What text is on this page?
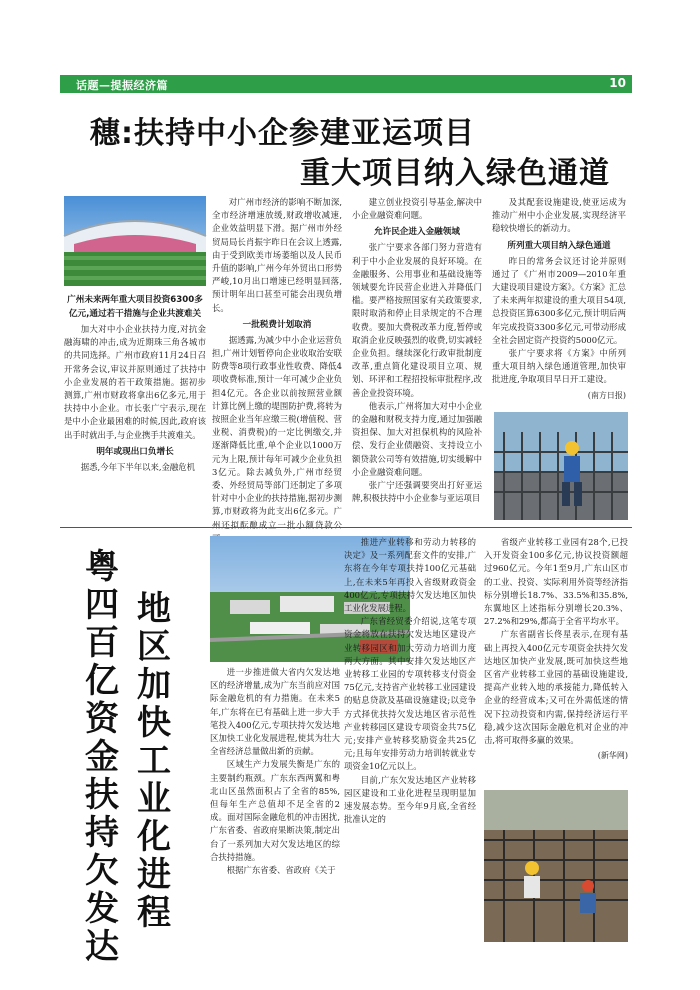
话题—提振经济篇	10
穗:扶持中小企参建亚运项目
重大项目纳入绿色通道
广州未来两年重大项目投资6300多亿元,通过若干措施与企业共渡难关

加大对中小企业扶持力度,对抗金融海啸的冲击,成为近期珠三角各城市的共同选择。广州市政府11月24日召开常务会议,审议并原则通过了扶持中小企业发展的若干政策措施。据初步测算,广州市财政将拿出6亿多元,用于扶持中小企业。市长张广宁表示,现在是中小企业最困难的时候,因此,政府该出手时就出手,与企业携手共渡难关。

明年或现出口负增长

据悉,今年下半年以来,金融危机

对广州市经济的影响不断加深,全市经济增速放缓,财政增收减速,企业效益明显下滑。据广州市外经贸局局长肖振宇昨日在会议上透露,由于受到欧美市场萎缩以及人民币升值的影响,广州今年外贸出口形势严峻,10月出口增速已经明显回落,预计明年出口甚至可能会出现负增长。

一批税费计划取消

据透露,为减少中小企业运营负担,广州计划暂停向企业收取治安联防费等8项行政事业性收费、降低4项收费标准,预计一年可减少企业负担4亿元。各企业以前按照营业额计算比例上缴的堤围防护费,将转为按照企业当年应缴三税(增值税、营业税、消费税)的一定比例缴交,并逐渐降低比重,单个企业以1000万元为上限,预计每年可减少企业负担3亿元。除去减负外,广州市经贸委、外经贸局等部门还制定了多项针对中小企业的扶持措施,据初步测算,市财政将为此支出6亿多元。广州还拟酝酿成立一批小额贷款公

建立创业投资引导基金,解决中小企业融资难问题。

允许民企进入金融领域

张广宁要求各部门努力营造有利于中小企业发展的良好环境。在金融服务、公用事业和基础设施等领域要允许民营企业进入并降低门槛。要严格按照国家有关政策要求,限时取消和停止目录规定的不合理收费。要加大费税改革力度,暂停或取消企业反映强烈的收费,切实减轻企业负担。继续深化行政审批制度改革,重点简化建设项目立项、规划、环评和工程招投标审批程序,改善企业投资环境。

他表示,广州将加大对中小企业的金融和财税支持力度,通过加强融资担保、加大对担保机构的风险补偿、发行企业债融资、支持设立小额贷款公司等有效措施,切实缓解中小企业融资难问题。

张广宁还强调要突出打好亚运牌,积极扶持中小企业参与亚运项目

及其配套设施建设,使亚运成为推动广州中小企业发展,实现经济平稳较快增长的新动力。

所列重大项目纳入绿色通道

昨日的常务会议还讨论并原则通过了《广州市2009—2010年重大建设项目建设方案》。《方案》汇总了未来两年拟建设的重大项目54项,总投资匡算6300多亿元,预计明后两年完成投资3300多亿元,可带动形成全社会固定资产投资约5000亿元。

张广宁要求将《方案》中所列重大项目纳入绿色通道管理,加快审批进度,争取项目早日开工建设。

(南方日报)
粤四百亿资金扶持欠发达
地区加快工业化进程

进一步推进做大省内欠发达地区的经济增量,成为广东当前应对国际金融危机的有力措施。在未来5年,广东将在已有基础上进一步大手笔投入400亿元,专项扶持欠发达地区加快工业化发展进程,使其为壮大全省经济总量做出新的贡献。

区域生产力发展失衡是广东的主要制约瓶颈。广东东西两翼和粤北山区虽然面积占了全省的85%,但每年生产总值却不足全省的2成。面对国际金融危机的冲击困扰,广东省委、省政府果断决策,制定出台了一系列加大对欠发达地区的综合扶持措施。

根据广东省委、省政府《关于

推进产业转移和劳动力转移的决定》及一系列配套文件的安排,广东将在今年专项扶持100亿元基础上,在未来5年再投入省级财政资金400亿元,专项扶持欠发达地区加快工业化发展进程。

广东省经贸委介绍说,这笔专项资金将放在扶持欠发达地区建设产业转移园区和加大劳动力培训力度两大方面。其中安排欠发达地区产业转移工业园的专项转移支付资金75亿元,支持省产业转移工业园建设的贴息贷款及基础设施建设;以竞争方式择优扶持欠发达地区省示范性产业转移园区建设专项资金共75亿元;安排产业转移奖励资金共25亿元;且每年安排劳动力培训转就业专项资金10亿元以上。

目前,广东欠发达地区产业转移园区建设和工业化进程呈现明显加速发展态势。至今年9月底,全省经批准认定的

省级产业转移工业园有28个,已投入开发资金100多亿元,协议投资额超过960亿元。今年1至9月,广东山区市的工业、投资、实际利用外资等经济指标分别增长18.7%、33.5%和35.8%,东翼地区上述指标分别增长20.3%、27.2%和29%,都高于全省平均水平。

广东省副省长佟星表示,在现有基础上再投入400亿元专项资金扶持欠发达地区加快产业发展,既可加快这些地区省产业转移工业园的基础设施建设,提高产业转入地的承接能力,降低转入企业的经营成本;又可在外需低迷的情况下拉动投资和内需,保持经济运行平稳,减少这次国际金融危机对企业的冲击,将可取得多赢的效果。

(新华网)
